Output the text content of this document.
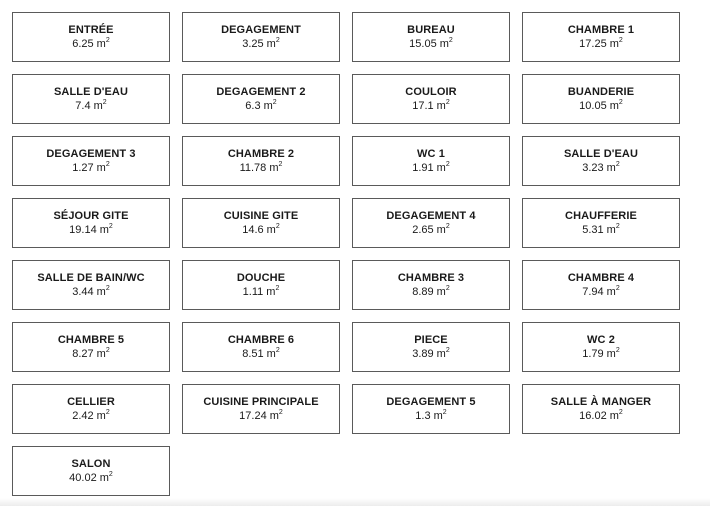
ENTRÉE
6.25 $m^2$
DEGAGEMENT
3.25 $m^2$
BUREAU
15.05 $m^2$
CHAMBRE 1
17.25 $m^2$
SALLE D'EAU
7.4 $m^2$
DEGAGEMENT 2
6.3 $m^2$
COULOIR
17.1 $m^2$
BUANDERIE
10.05 $m^2$
DEGAGEMENT 3
1.27 $m^2$
CHAMBRE 2
11.78 $m^2$
WC 1
1.91 $m^2$
SALLE D'EAU
3.23 $m^2$
SÉJOUR GITE
19.14 $m^2$
CUISINE GITE
14.6 $m^2$
DEGAGEMENT 4
2.65 $m^2$
CHAUFFERIE
5.31 $m^2$
SALLE DE BAIN/WC
3.44 $m^2$
DOUCHE
1.11 $m^2$
CHAMBRE 3
8.89 $m^2$
CHAMBRE 4
7.94 $m^2$
CHAMBRE 5
8.27 $m^2$
CHAMBRE 6
8.51 $m^2$
PIECE
3.89 $m^2$
WC 2
1.79 $m^2$
CELLIER
2.42 $m^2$
CUISINE PRINCIPALE
17.24 $m^2$
DEGAGEMENT 5
1.3 $m^2$
SALLE À MANGER
16.02 $m^2$
SALON
40.02 $m^2$
